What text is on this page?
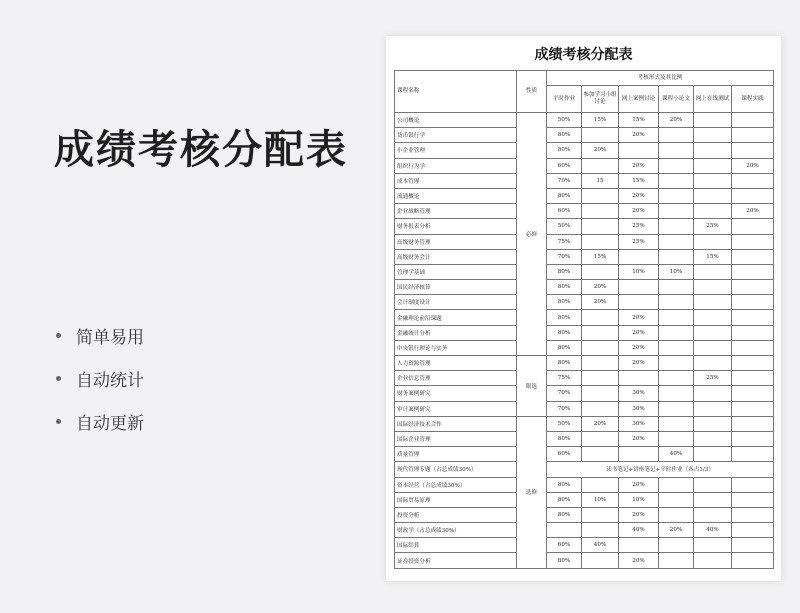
成绩考核分配表
简单易用
自动统计
自动更新
成绩考核分配表
课程名称	性质	考核形式及其比例					
		平时作业	参加学习小组讨论	网上案例讨论	课程小论文	网上在线测试	课程实践
公司概论	必修	50%	15%	15%	20%		
货币银行学		80%		20%			
小企业管理		80%	20%				
组织行为学		60%		20%			20%
成本管理		70%	15	15%			
流通概论		80%		20%			
企业战略管理		60%		20%			20%
财务报表分析		50%		25%		25%	
高级财务管理		75%		25%			
高级财务会计		70%	15%			15%	
管理学基础		80%		10%	10%		
国民经济核算		80%	20%				
会计制度设计		80%	20%				
金融理论前沿课题		80%		20%			
金融统计分析		80%		20%			
中央银行理论与实务		80%		20%			
人力资源管理	限选	80%		20%			
企业信息管理		75%				25%	
财务案例研究		70%		30%			
审计案例研究		70%		30%			
国际经济技术合作	选修	50%	20%	30%			
国际企业管理		80%		20%			
质量管理		60%			40%		
现代管理专题（占总成绩30%）		读书笔记+讲座笔记+平时作业（各占1/3）					
资本经营（占总成绩30%）		80%		20%			
国际贸易原理		80%	10%	10%			
投资分析		80%		20%			
财政学（占总成绩30%）				40%	20%	40%	
国际结算		60%	40%				
证券投资分析		80%		20%			
